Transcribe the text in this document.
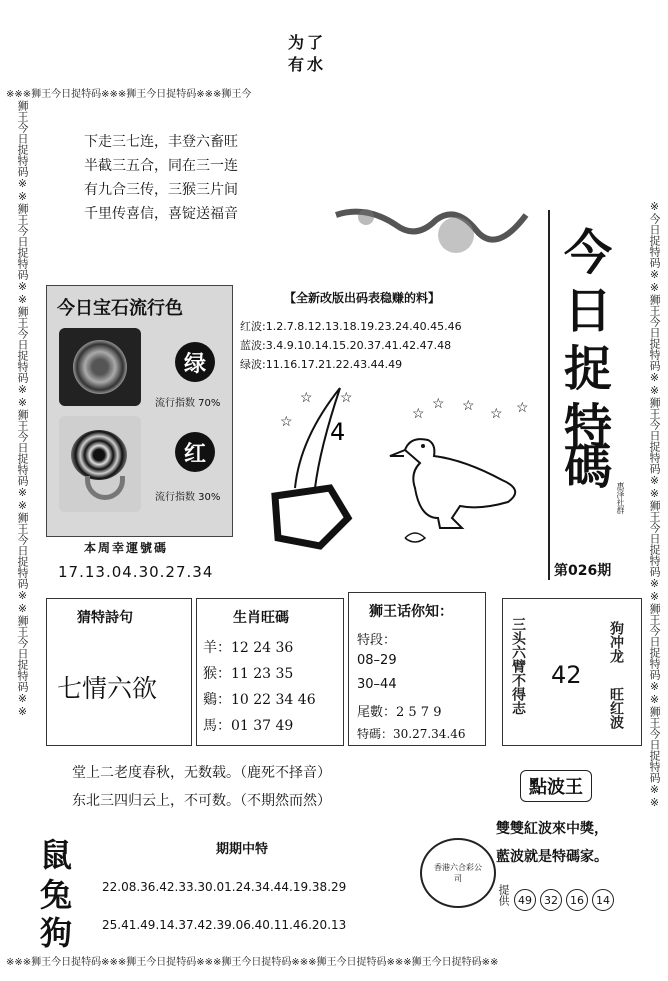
为了
有水
※※※狮王今日捉特码※※※狮王今日捉特码※※※狮王今
※※※狮王今日捉特码※※※狮王今日捉特码※※※狮王今日捉特码※※※狮王今日捉特码※※※狮王今日捉特码※※
狮王今日捉特码※※狮王今日捉特码※※狮王今日捉特码※※狮王今日捉特码※※狮王今日捉特码※※狮王今日捉特码※※	※今日捉特码※※狮王今日捉特码※※狮王今日捉特码※※狮王今日捉特码※※狮王今日捉特码※※狮王今日捉特码※※

下走三七连，丰登六畜旺

半截三五合，同在三一连

有九合三传，三猴三片间

千里传喜信，喜锭送福音

今日宝石流行色
绿
流行指数 70%
红
流行指数 30%
本周幸運號碼
17.13.04.30.27.34
【全新改版出码表稳赚的料】
红波:1.2.7.8.12.13.18.19.23.24.40.45.46
蓝波:3.4.9.10.14.15.20.37.41.42.47.48
绿波:11.16.17.21.22.43.44.49
☆
☆
☆
☆
☆ ☆ ☆ ☆
4
今
日
捉
特
碼
惠泽社群
第026期
猜特詩句
七情六欲
生肖旺碼
羊：12 24 36
猴：11 23 35
鷄：10 22 34 46
馬：01 37 49
狮王话你知：
特段：
08–29
30–44
尾數：2 5 7 9
特碼：30.27.34.46
三头六臂不得志 42
狗冲龙
旺红波
堂上二老度春秋，无数载。（鹿死不择音）
东北三四归云上，不可数。（不期然而然）
點波王
雙雙紅波來中獎，
藍波就是特碼家。
香港六合彩公司
提供 49	32	16	14
鼠
兔
狗
期期中特
22.08.36.42.33.30.01.24.34.44.19.38.29
25.41.49.14.37.42.39.06.40.11.46.20.13
